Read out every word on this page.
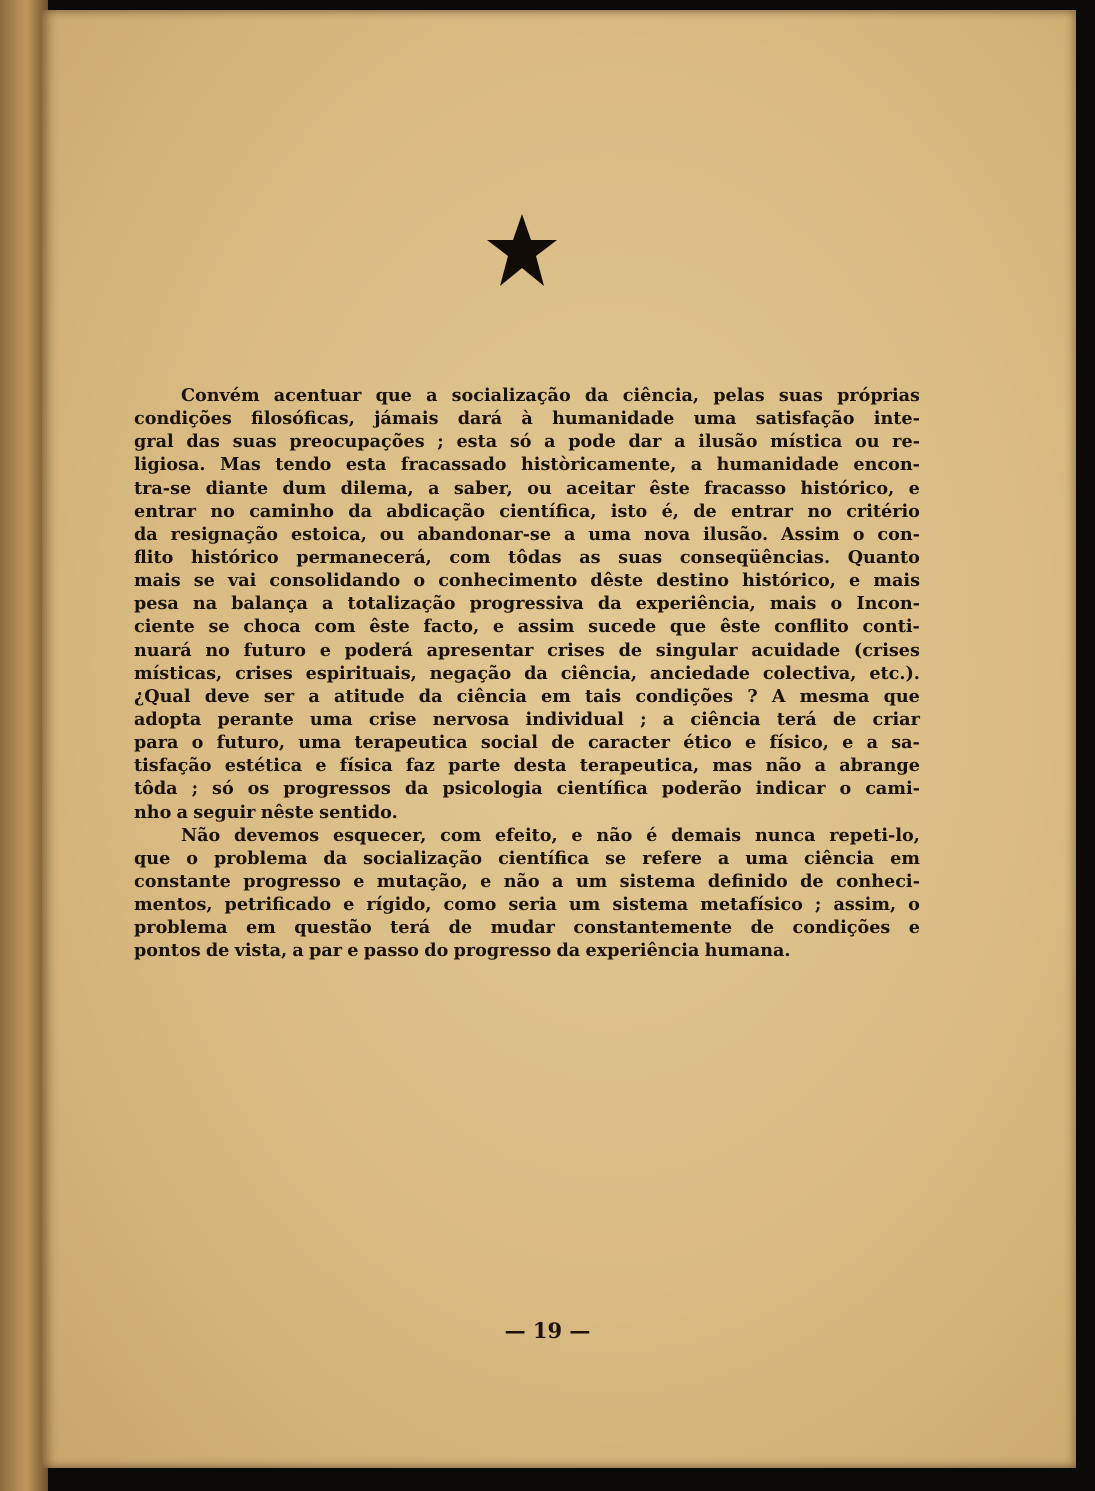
Convém acentuar que a socialização da ciência, pelas suas próprias
condições filosóficas, jámais dará à humanidade uma satisfação inte-
gral das suas preocupações ; esta só a pode dar a ilusão mística ou re-
ligiosa. Mas tendo esta fracassado històricamente, a humanidade encon-
tra-se diante dum dilema, a saber, ou aceitar êste fracasso histórico, e
entrar no caminho da abdicação científica, isto é, de entrar no critério
da resignação estoica, ou abandonar-se a uma nova ilusão. Assim o con-
flito histórico permanecerá, com tôdas as suas conseqüências. Quanto
mais se vai consolidando o conhecimento dêste destino histórico, e mais
pesa na balança a totalização progressiva da experiência, mais o Incon-
ciente se choca com êste facto, e assim sucede que êste conflito conti-
nuará no futuro e poderá apresentar crises de singular acuidade (crises
místicas, crises espirituais, negação da ciência, anciedade colectiva, etc.).
¿Qual deve ser a atitude da ciência em tais condições ? A mesma que
adopta perante uma crise nervosa individual ; a ciência terá de criar
para o futuro, uma terapeutica social de caracter ético e físico, e a sa-
tisfação estética e física faz parte desta terapeutica, mas não a abrange
tôda ; só os progressos da psicologia científica poderão indicar o cami-
nho a seguir nêste sentido.
Não devemos esquecer, com efeito, e não é demais nunca repeti-lo,
que o problema da socialização científica se refere a uma ciência em
constante progresso e mutação, e não a um sistema definido de conheci-
mentos, petrificado e rígido, como seria um sistema metafísico ; assim, o
problema em questão terá de mudar constantemente de condições e
pontos de vista, a par e passo do progresso da experiência humana.
— 19 —
